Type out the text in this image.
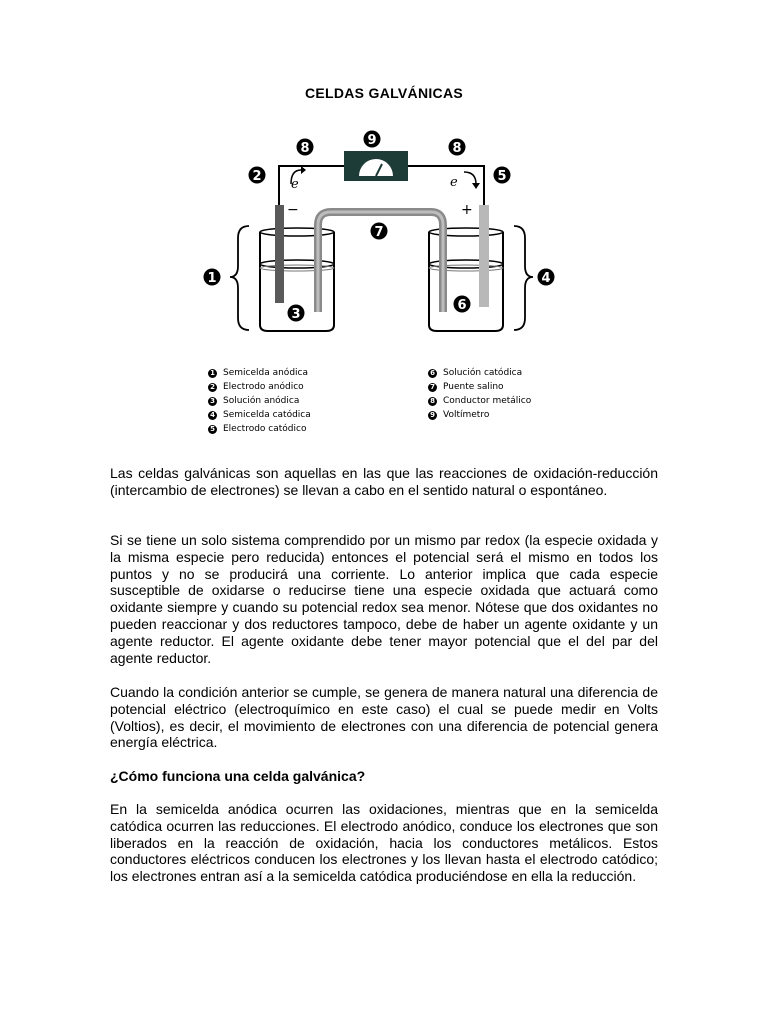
CELDAS GALVÁNICAS
e	e
−	+
9
8	8
2	5
7
1	4
6
3
1 Semicelda anódica
2 Electrodo anódico
3 Solución anódica
4 Semicelda catódica
5 Electrodo catódico
6 Solución catódica
7 Puente salino
8 Conductor metálico
9 Voltímetro

Las celdas galvánicas son aquellas en las que las reacciones de oxidación-reducción (intercambio de electrones) se llevan a cabo en el sentido natural o espontáneo.

Si se tiene un solo sistema comprendido por un mismo par redox (la especie oxidada y la misma especie pero reducida) entonces el potencial será el mismo en todos los puntos y no se producirá una corriente. Lo anterior implica que cada especie susceptible de oxidarse o reducirse tiene una especie oxidada que actuará como oxidante siempre y cuando su potencial redox sea menor. Nótese que dos oxidantes no pueden reaccionar y dos reductores tampoco, debe de haber un agente oxidante y un agente reductor. El agente oxidante debe tener mayor potencial que el del par del agente reductor.

Cuando la condición anterior se cumple, se genera de manera natural una diferencia de potencial eléctrico (electroquímico en este caso) el cual se puede medir en Volts (Voltios), es decir, el movimiento de electrones con una diferencia de potencial genera energía eléctrica.

¿Cómo funciona una celda galvánica?

En la semicelda anódica ocurren las oxidaciones, mientras que en la semicelda catódica ocurren las reducciones. El electrodo anódico, conduce los electrones que son liberados en la reacción de oxidación, hacia los conductores metálicos. Estos conductores eléctricos conducen los electrones y los llevan hasta el electrodo catódico; los electrones entran así a la semicelda catódica produciéndose en ella la reducción.
